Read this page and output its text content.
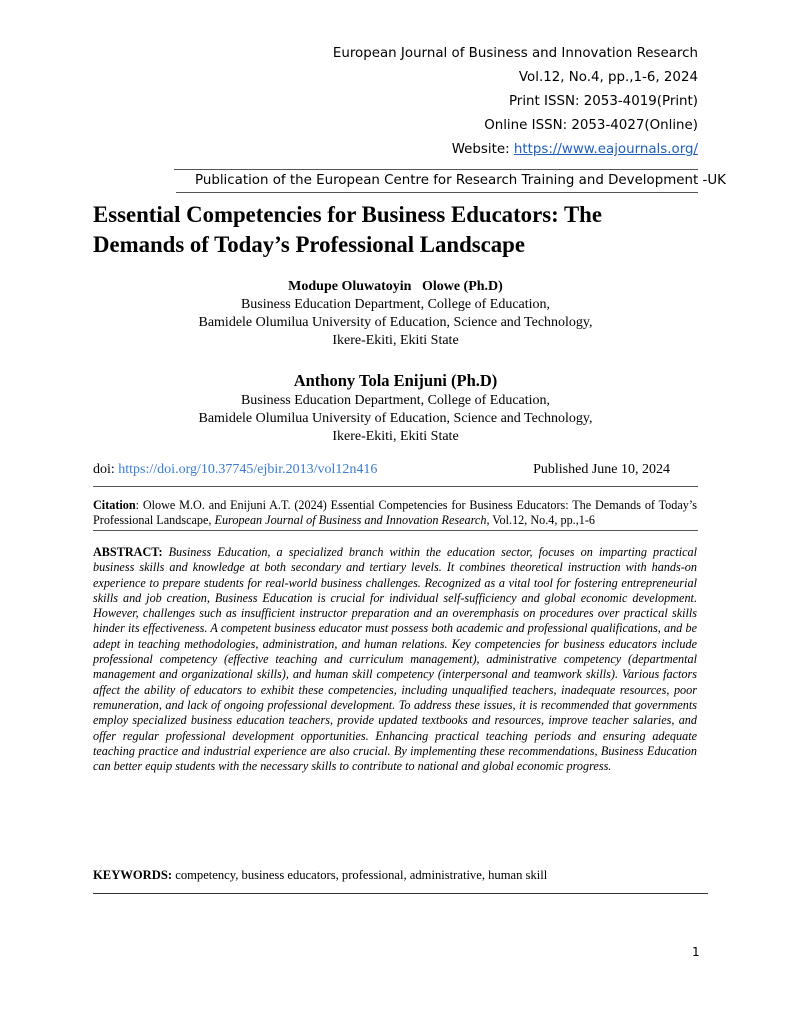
European Journal of Business and Innovation Research
Vol.12, No.4, pp.,1-6, 2024
Print ISSN: 2053-4019(Print)
Online ISSN: 2053-4027(Online)
Website: https://www.eajournals.org/
Publication of the European Centre for Research Training and Development -UK
Essential Competencies for Business Educators: The
Demands of Today’s Professional Landscape
Modupe Oluwatoyin   Olowe (Ph.D)
Business Education Department, College of Education,
Bamidele Olumilua University of Education, Science and Technology,
Ikere-Ekiti, Ekiti State
Anthony Tola Enijuni (Ph.D)
Business Education Department, College of Education,
Bamidele Olumilua University of Education, Science and Technology,
Ikere-Ekiti, Ekiti State
doi: https://doi.org/10.37745/ejbir.2013/vol12n416	Published June 10, 2024
Citation: Olowe M.O. and Enijuni A.T. (2024) Essential Competencies for Business Educators: The Demands of Today’s Professional Landscape, European Journal of Business and Innovation Research, Vol.12, No.4, pp.,1-6
ABSTRACT: Business Education, a specialized branch within the education sector, focuses on imparting practical business skills and knowledge at both secondary and tertiary levels. It combines theoretical instruction with hands-on experience to prepare students for real-world business challenges. Recognized as a vital tool for fostering entrepreneurial skills and job creation, Business Education is crucial for individual self-sufficiency and global economic development. However, challenges such as insufficient instructor preparation and an overemphasis on procedures over practical skills hinder its effectiveness. A competent business educator must possess both academic and professional qualifications, and be adept in teaching methodologies, administration, and human relations. Key competencies for business educators include professional competency (effective teaching and curriculum management), administrative competency (departmental management and organizational skills), and human skill competency (interpersonal and teamwork skills). Various factors affect the ability of educators to exhibit these competencies, including unqualified teachers, inadequate resources, poor remuneration, and lack of ongoing professional development. To address these issues, it is recommended that governments employ specialized business education teachers, provide updated textbooks and resources, improve teacher salaries, and offer regular professional development opportunities. Enhancing practical teaching periods and ensuring adequate teaching practice and industrial experience are also crucial. By implementing these recommendations, Business Education can better equip students with the necessary skills to contribute to national and global economic progress.
KEYWORDS: competency, business educators, professional, administrative, human skill
1
